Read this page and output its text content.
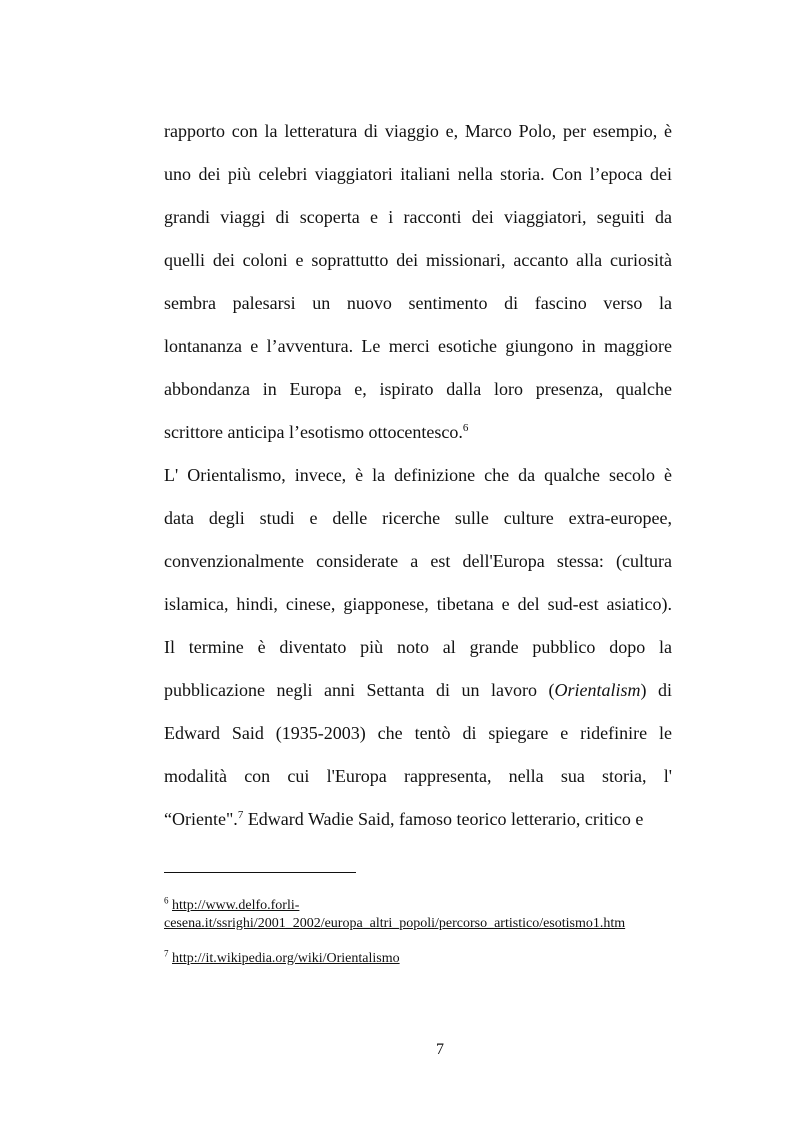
rapporto con la letteratura di viaggio e, Marco Polo, per esempio, è
uno dei più celebri viaggiatori italiani nella storia. Con l’epoca dei
grandi viaggi di scoperta e i racconti dei viaggiatori, seguiti da
quelli dei coloni e soprattutto dei missionari, accanto alla curiosità
sembra palesarsi un nuovo sentimento di fascino verso la
lontananza e l’avventura. Le merci esotiche giungono in maggiore
abbondanza in Europa e, ispirato dalla loro presenza, qualche
scrittore anticipa l’esotismo ottocentesco.$^6$
L' Orientalismo, invece, è la definizione che da qualche secolo è
data degli studi e delle ricerche sulle culture extra-europee,
convenzionalmente considerate a est dell'Europa stessa: (cultura
islamica, hindi, cinese, giapponese, tibetana e del sud-est asiatico).
Il termine è diventato più noto al grande pubblico dopo la
pubblicazione negli anni Settanta di un lavoro (Orientalism) di
Edward Said (1935-2003) che tentò di spiegare e ridefinire le
modalità con cui l'Europa rappresenta, nella sua storia, l'
“Oriente".$^7$ Edward Wadie Said, famoso teorico letterario, critico e
$^6$ http://www.delfo.forli-
cesena.it/ssrighi/2001_2002/europa_altri_popoli/percorso_artistico/esotismo1.htm
$^7$ http://it.wikipedia.org/wiki/Orientalismo
7
